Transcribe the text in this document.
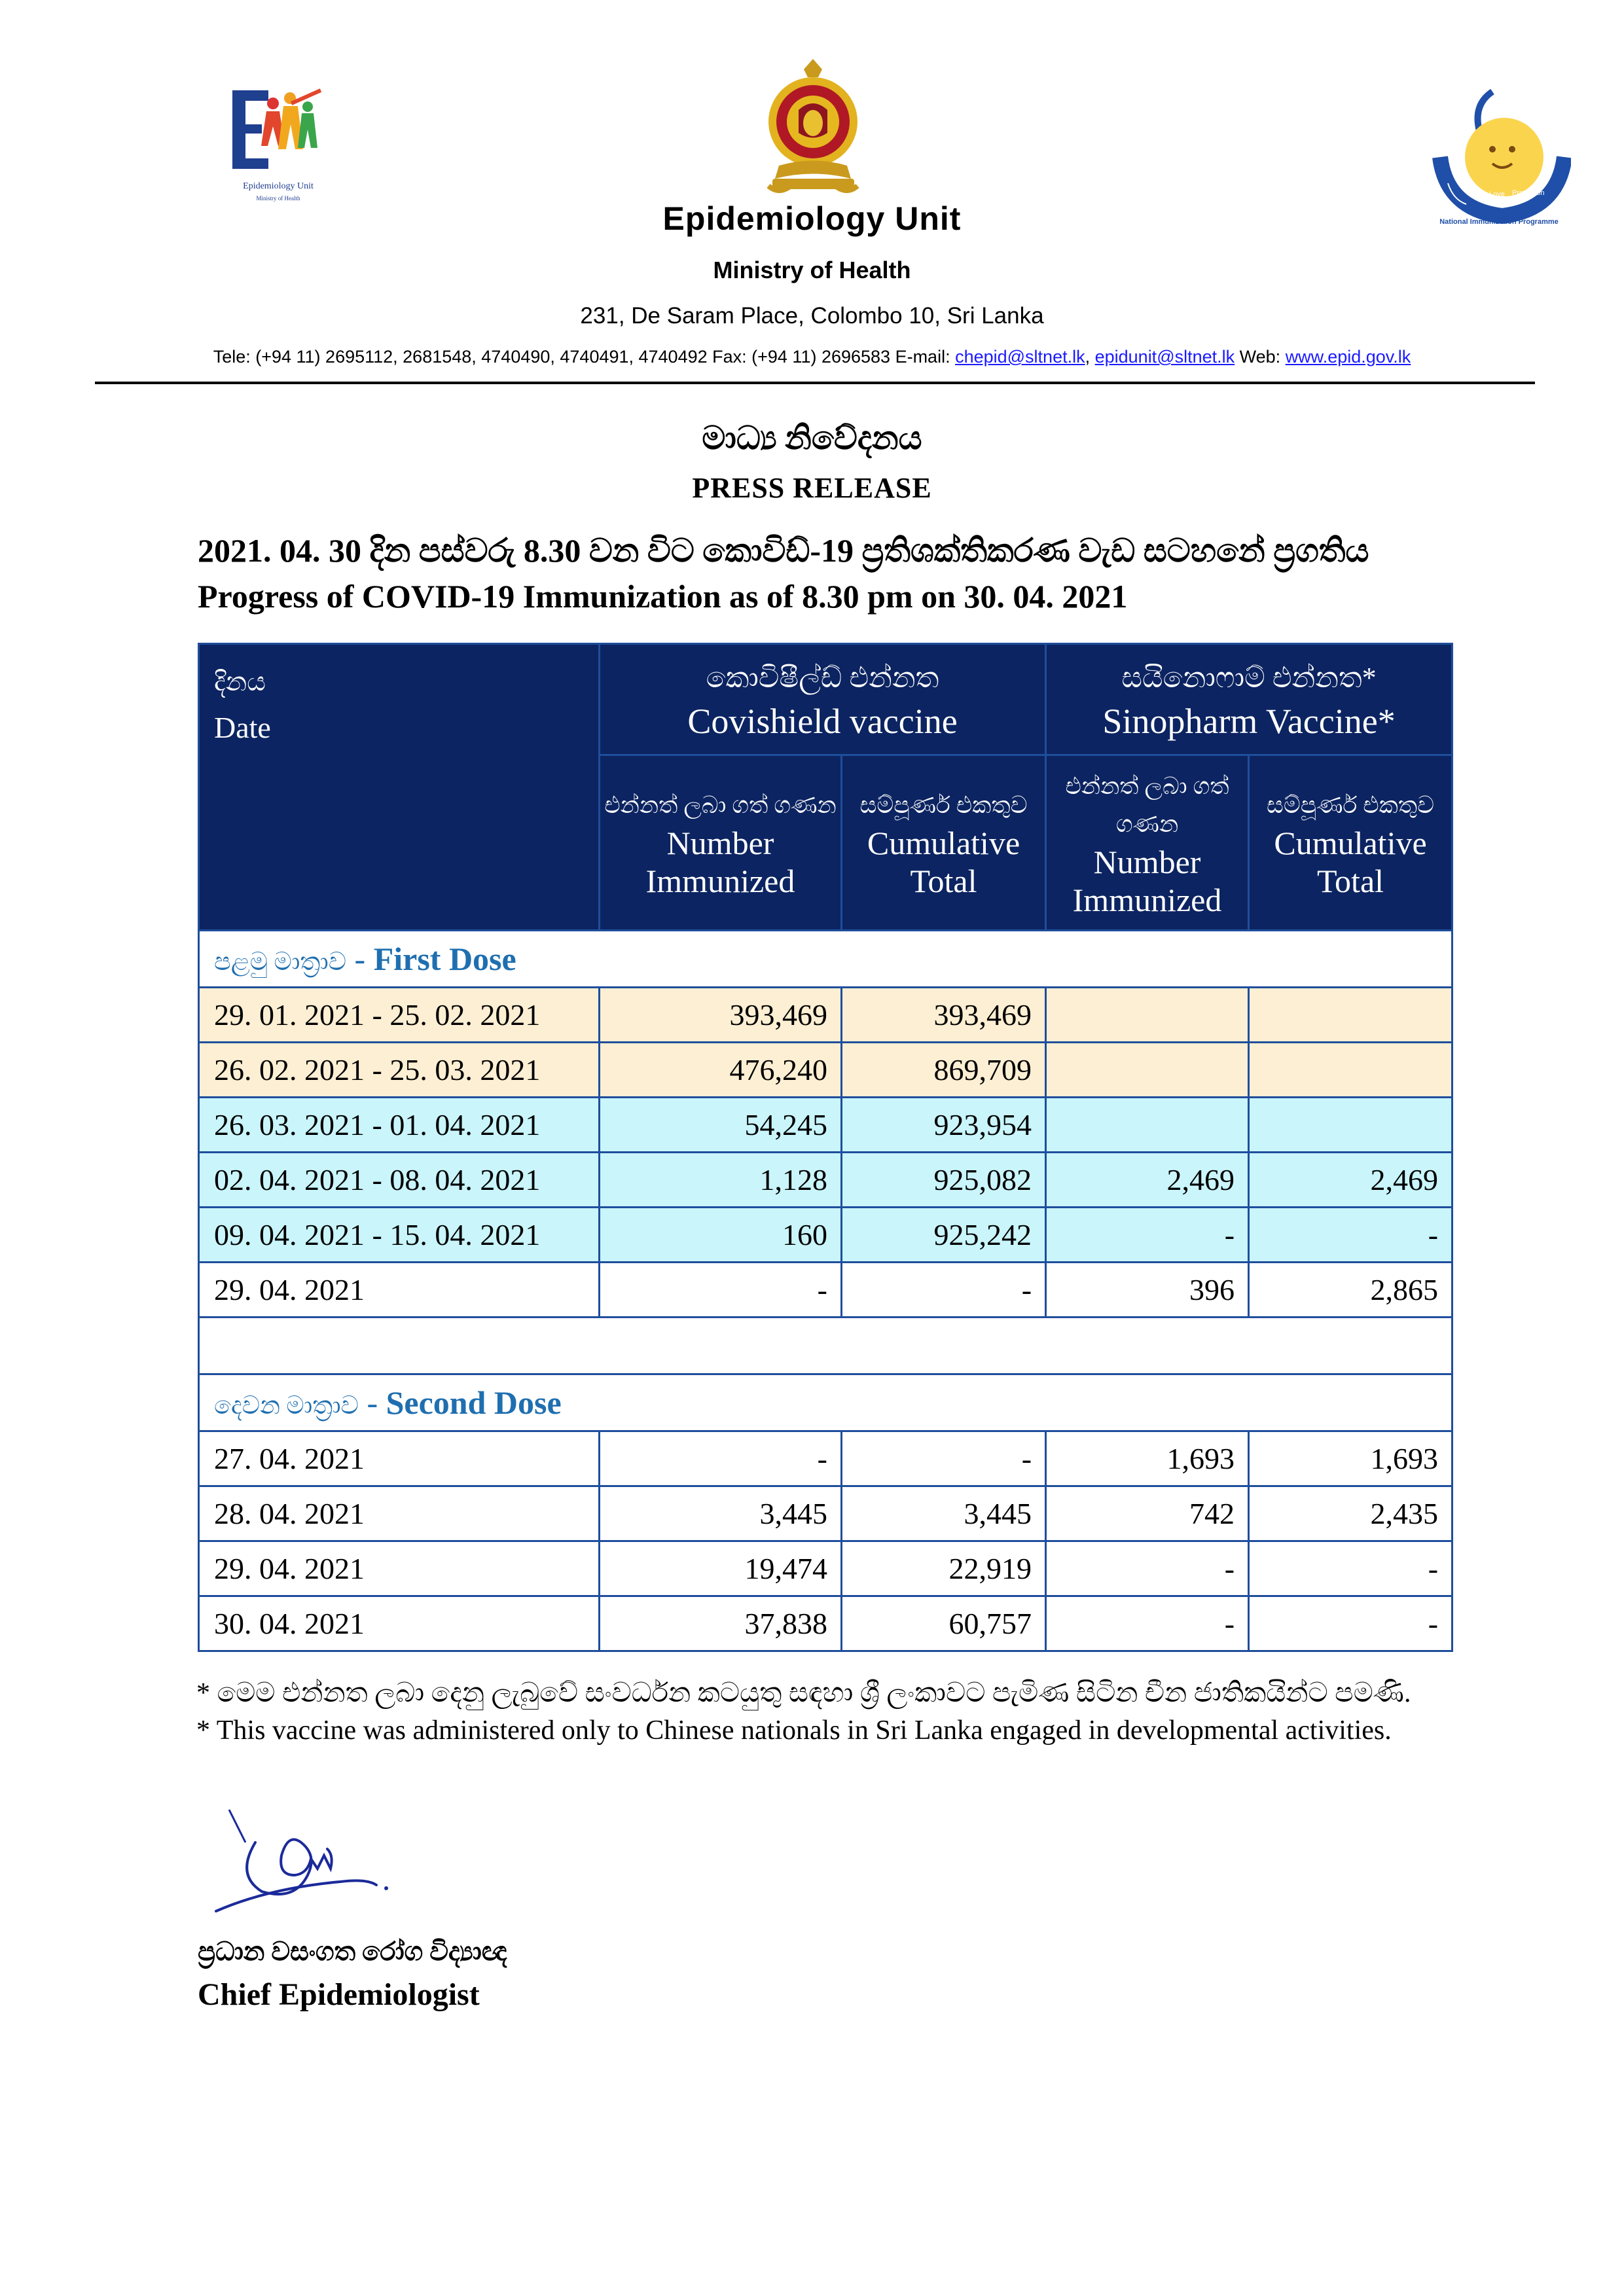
Epidemiology Unit
Ministry of Health	Love Protection
National Immunization Programme
Epidemiology Unit
Ministry of Health
231, De Saram Place, Colombo 10, Sri Lanka
Tele: (+94 11) 2695112, 2681548, 4740490, 4740491, 4740492 Fax: (+94 11) 2696583 E-mail: chepid@sltnet.lk, epidunit@sltnet.lk Web: www.epid.gov.lk
මාධ්‍ය නිවේදනය
PRESS RELEASE
2021. 04. 30 දින පස්වරු 8.30 වන විට කොවිඩ්-19 ප්‍රතිශක්තිකරණ වැඩ සටහනේ ප්‍රගතිය
Progress of COVID-19 Immunization as of 8.30 pm on 30. 04. 2021
දිනය
Date	කොවිෂීල්ඩ් එන්නත
Covishield vaccine		සයිනොෆාම් එන්නත*
Sinopharm Vaccine*	

	එන්නත් ලබා ගත් ගණන
Number Immunized	සම්පූර්ණ එකතුව
Cumulative Total	එන්නත් ලබා ගත් ගණන
Number Immunized	සම්පූර්ණ එකතුව
Cumulative Total
පළමු මාත්‍රාව - First Dose				
29. 01. 2021 - 25. 02. 2021	393,469	393,469		
26. 02. 2021 - 25. 03. 2021	476,240	869,709		
26. 03. 2021 - 01. 04. 2021	54,245	923,954		
02. 04. 2021 - 08. 04. 2021	1,128	925,082	2,469	2,469
09. 04. 2021 - 15. 04. 2021	160	925,242	-	-
29. 04. 2021	-	-	396	2,865

දෙවන මාත්‍රාව - Second Dose				
27. 04. 2021	-	-	1,693	1,693
28. 04. 2021	3,445	3,445	742	2,435
29. 04. 2021	19,474	22,919	-	-
30. 04. 2021	37,838	60,757	-	-
* මෙම එන්නත ලබා දෙනු ලැබුවේ සංවර්ධන කටයුතු සඳහා ශ්‍රී ලංකාවට පැමිණ සිටින චීන ජාතිකයින්ට පමණි.
* This vaccine was administered only to Chinese nationals in Sri Lanka engaged in developmental activities.
ප්‍රධාන වසංගත රෝග විද්‍යාඥ
Chief Epidemiologist
